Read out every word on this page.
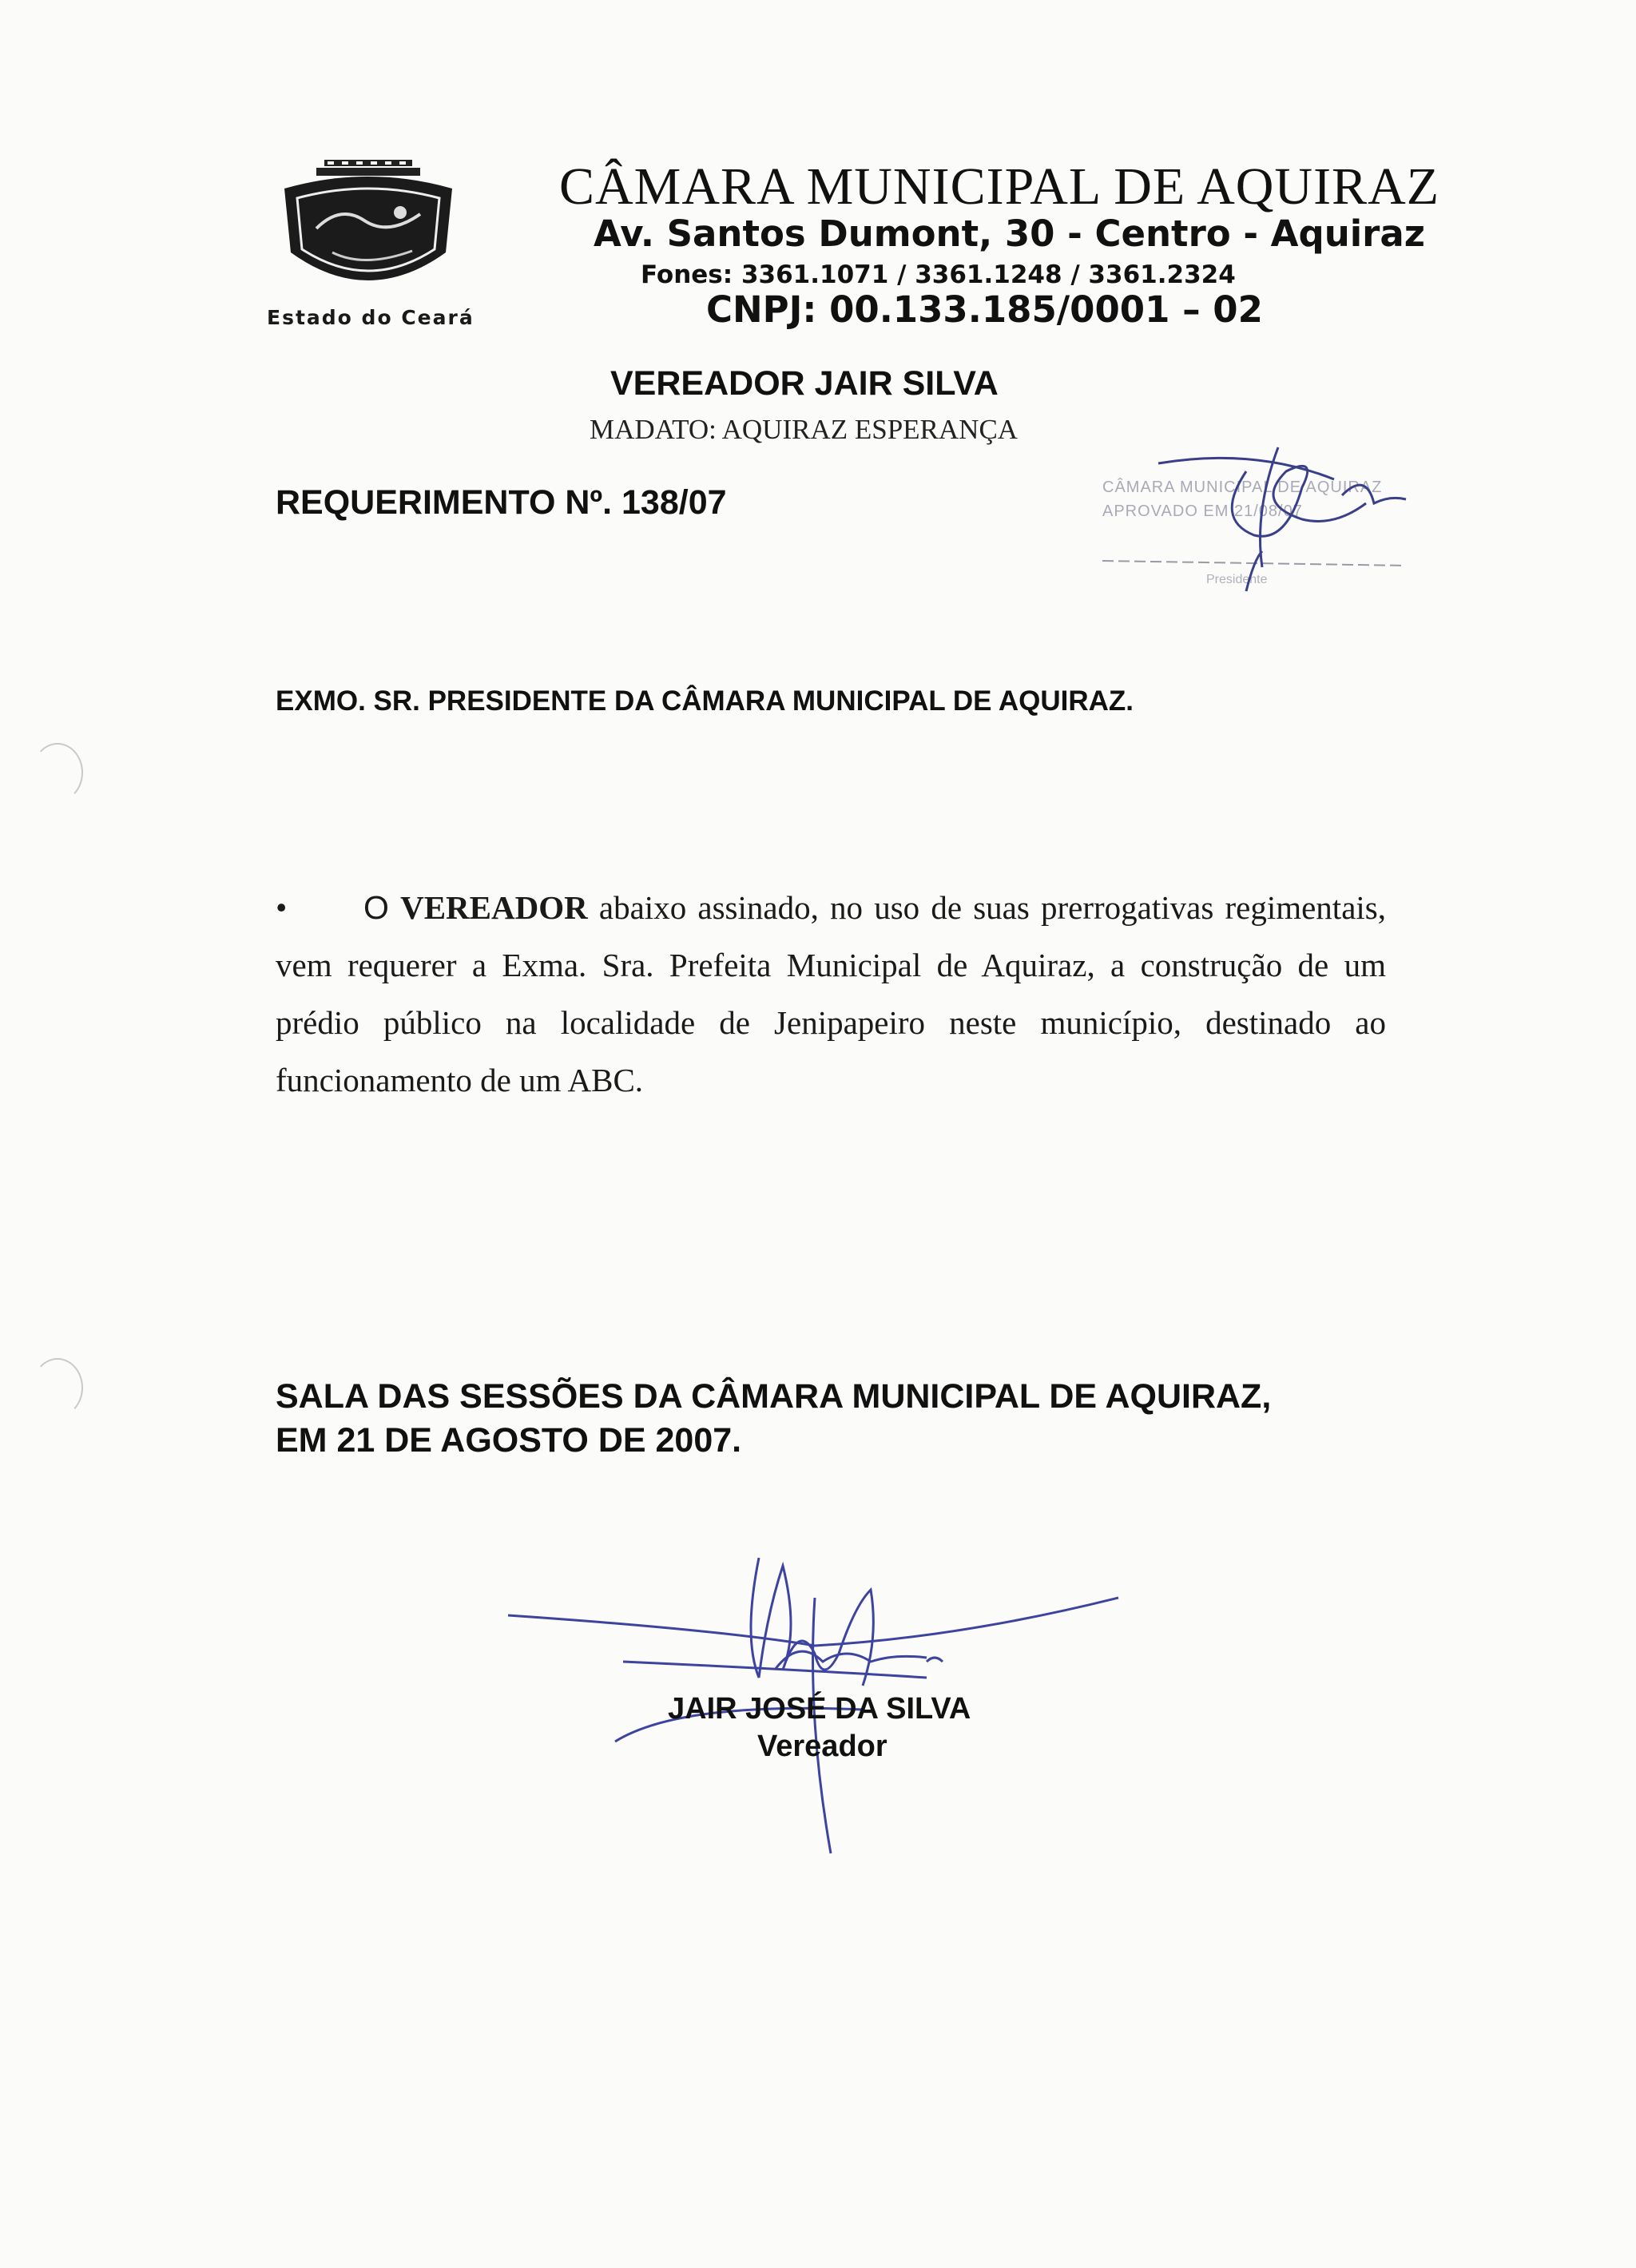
Estado do Ceará
CÂMARA MUNICIPAL DE AQUIRAZ
Av. Santos Dumont, 30 - Centro - Aquiraz
Fones: 3361.1071 / 3361.1248 / 3361.2324
CNPJ: 00.133.185/0001 – 02
VEREADOR JAIR SILVA
MADATO: AQUIRAZ ESPERANÇA
REQUERIMENTO Nº. 138/07	CÂMARA MUNICIPAL DE AQUIRAZ
APROVADO EM 21/08/07
Presidente
EXMO. SR. PRESIDENTE DA CÂMARA MUNICIPAL DE AQUIRAZ.
• O VEREADOR abaixo assinado, no uso de suas prerrogativas regimentais, vem requerer a Exma. Sra. Prefeita Municipal de Aquiraz, a construção de um prédio público na localidade de Jenipapeiro neste município, destinado ao funcionamento de um ABC.
SALA DAS SESSÕES DA CÂMARA MUNICIPAL DE AQUIRAZ,
EM 21 DE AGOSTO DE 2007.
JAIR JOSÉ DA SILVA
Vereador
